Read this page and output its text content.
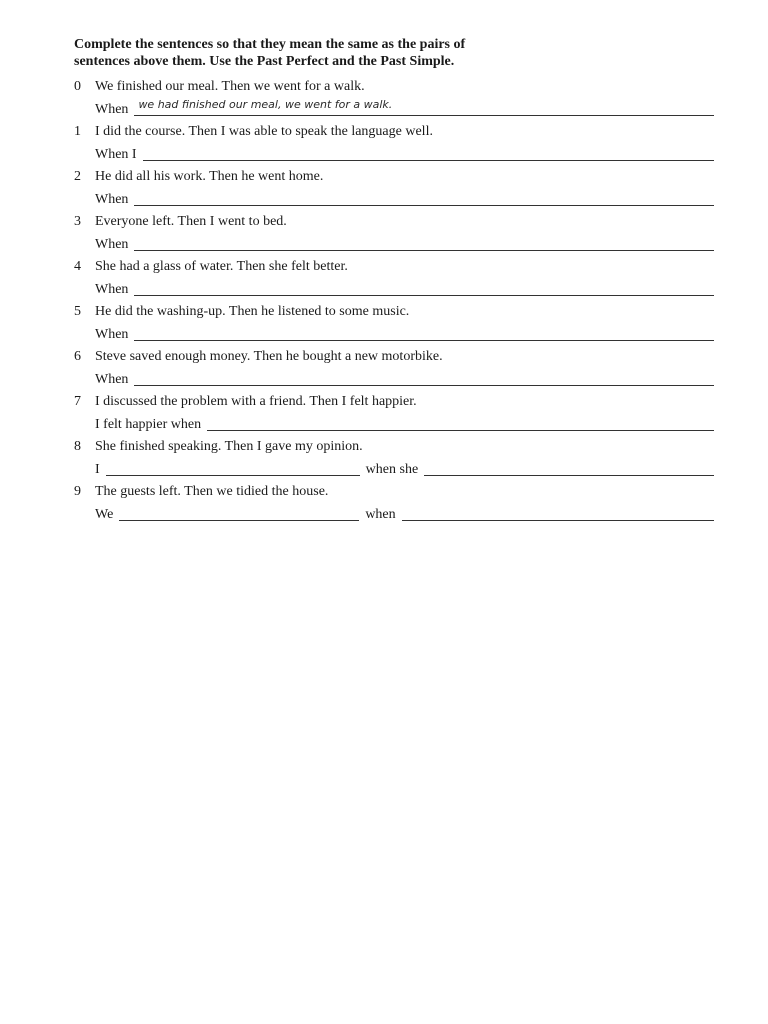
Complete the sentences so that they mean the same as the pairs of sentences above them. Use the Past Perfect and the Past Simple.

0	We finished our meal. Then we went for a walk.
When we had finished our meal, we went for a walk.
1	I did the course. Then I was able to speak the language well.
When I
2	He did all his work. Then he went home.
When
3	Everyone left. Then I went to bed.
When
4	She had a glass of water. Then she felt better.
When
5	He did the washing-up. Then he listened to some music.
When
6	Steve saved enough money. Then he bought a new motorbike.
When
7	I discussed the problem with a friend. Then I felt happier.
I felt happier when
8	She finished speaking. Then I gave my opinion.
I	when she
9	The guests left. Then we tidied the house.
We	when
